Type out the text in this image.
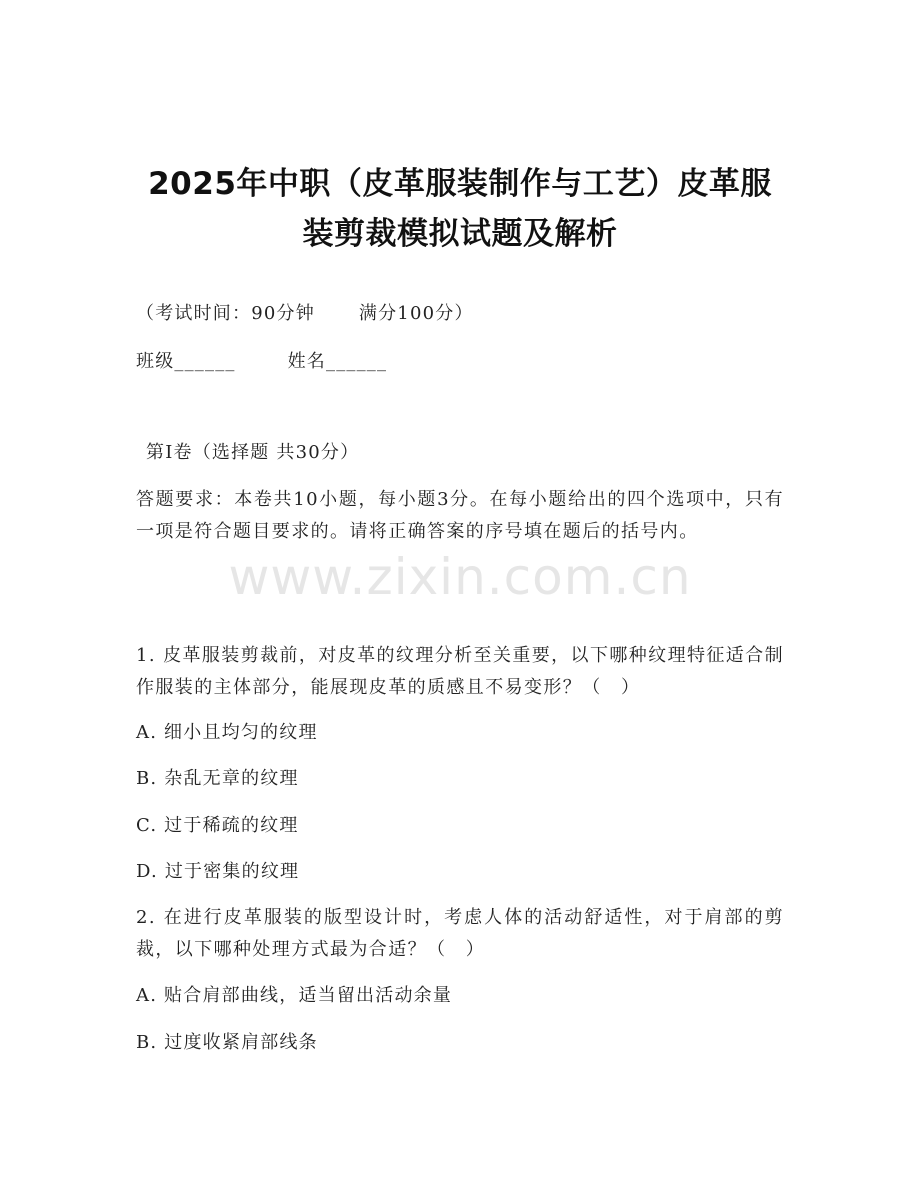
2025年中职（皮革服装制作与工艺）皮革服
装剪裁模拟试题及解析
（考试时间：90分钟 满分100分）
班级______	姓名______
第I卷（选择题 共30分）
答题要求：本卷共10小题，每小题3分。在每小题给出的四个选项中，只有一项是符合题目要求的。请将正确答案的序号填在题后的括号内。
www.zixin.com.cn
1. 皮革服装剪裁前，对皮革的纹理分析至关重要，以下哪种纹理特征适合制作服装的主体部分，能展现皮革的质感且不易变形？（　）
A. 细小且均匀的纹理
B. 杂乱无章的纹理
C. 过于稀疏的纹理
D. 过于密集的纹理
2. 在进行皮革服装的版型设计时，考虑人体的活动舒适性，对于肩部的剪裁，以下哪种处理方式最为合适？（　）
A. 贴合肩部曲线，适当留出活动余量
B. 过度收紧肩部线条
